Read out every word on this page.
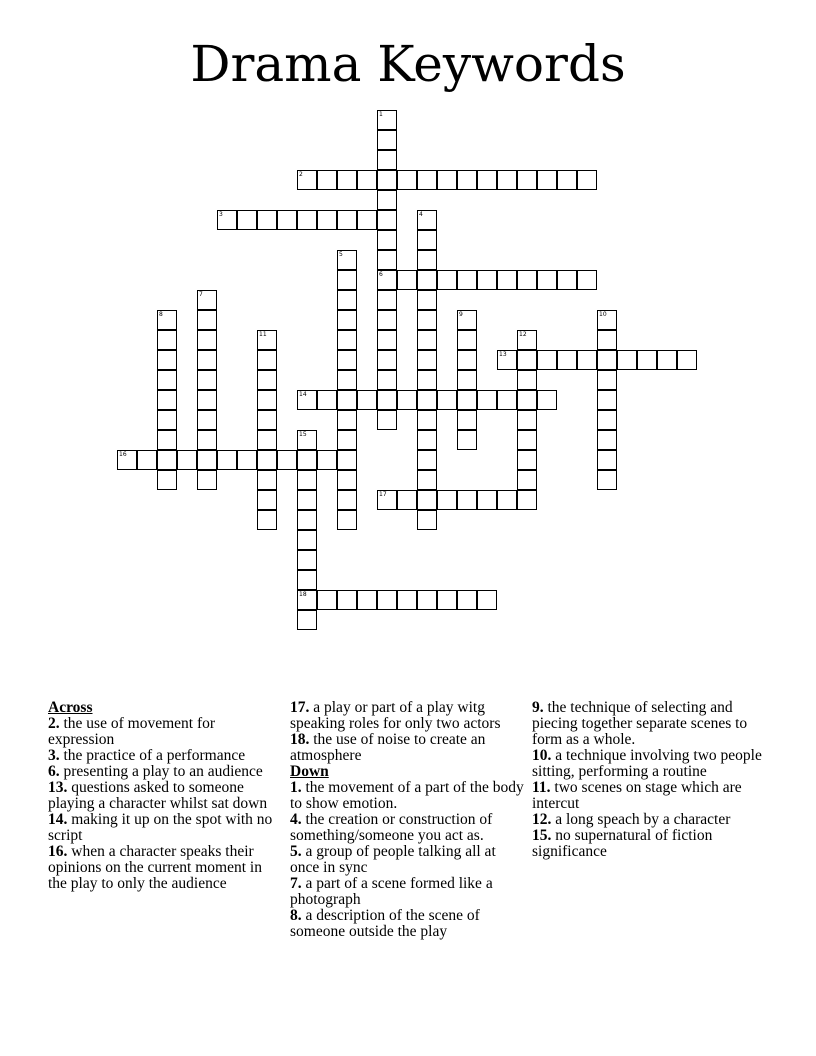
Drama Keywords
1
2
3	4
5
6
7
8	9	10
11	12
13
14
15
16
17
18
Across
2. the use of movement for expression
3. the practice of a performance
6. presenting a play to an audience
13. questions asked to someone playing a character whilst sat down
14. making it up on the spot with no script
16. when a character speaks their opinions on the current moment in the play to only the audience
17. a play or part of a play witg speaking roles for only two actors
18. the use of noise to create an atmosphere
Down
1. the movement of a part of the body to show emotion.
4. the creation or construction of something/someone you act as.
5. a group of people talking all at once in sync
7. a part of a scene formed like a photograph
8. a description of the scene of someone outside the play
9. the technique of selecting and piecing together separate scenes to form as a whole.
10. a technique involving two people sitting, performing a routine
11. two scenes on stage which are intercut
12. a long speach by a character
15. no supernatural of fiction significance
